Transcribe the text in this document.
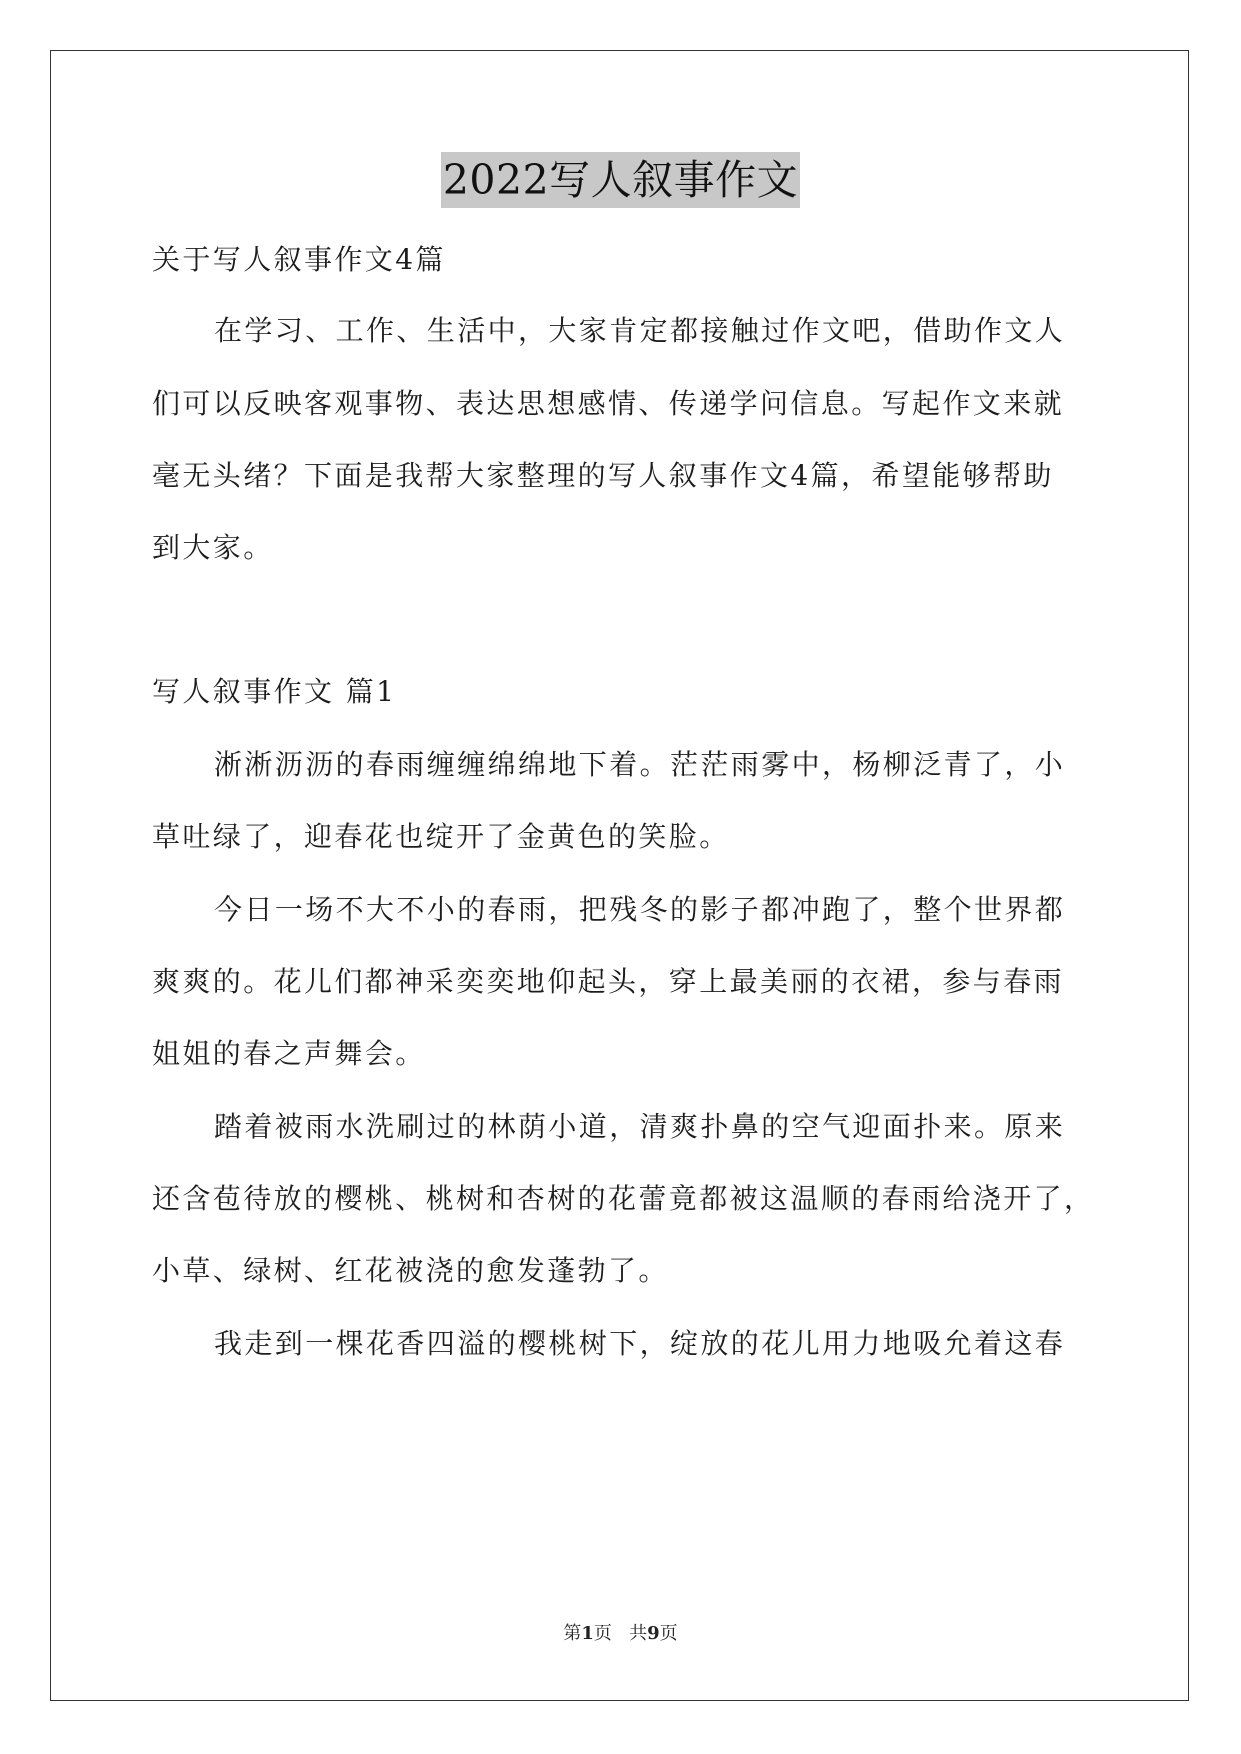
2022写人叙事作文
关于写人叙事作文4篇
在学习、工作、生活中，大家肯定都接触过作文吧，借助作文人
们可以反映客观事物、表达思想感情、传递学问信息。写起作文来就
毫无头绪？下面是我帮大家整理的写人叙事作文4篇，希望能够帮助
到大家。
写人叙事作文 篇1
淅淅沥沥的春雨缠缠绵绵地下着。茫茫雨雾中，杨柳泛青了，小
草吐绿了，迎春花也绽开了金黄色的笑脸。
今日一场不大不小的春雨，把残冬的影子都冲跑了，整个世界都
爽爽的。花儿们都神采奕奕地仰起头，穿上最美丽的衣裙，参与春雨
姐姐的春之声舞会。
踏着被雨水洗刷过的林荫小道，清爽扑鼻的空气迎面扑来。原来
还含苞待放的樱桃、桃树和杏树的花蕾竟都被这温顺的春雨给浇开了，
小草、绿树、红花被浇的愈发蓬勃了。
我走到一棵花香四溢的樱桃树下，绽放的花儿用力地吸允着这春
第1页   共9页
